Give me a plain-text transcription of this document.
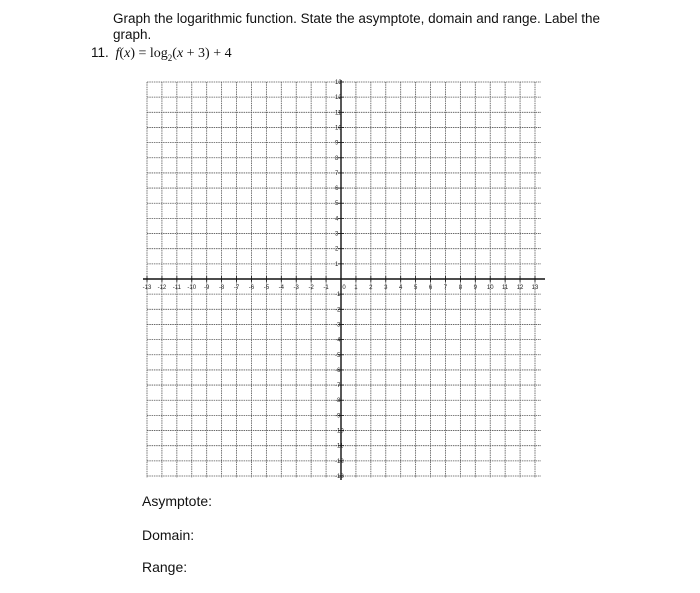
Graph the logarithmic function. State the asymptote, domain and range. Label the graph.
11. $f(x) = \log_2(x + 3) + 4$
-13 -12 -11 -10 -9 -8 -7 -6 -5 -4 -3 -2 -1 0 1 2 3 4 5 6 7 8 9 10 11 12 13
13
12
11
10
9
8
7
6
5
4
3
2
1
-1
-2
-3
-4
-5
-6
-7
-8
-9
-10
-11
-12
-13
Asymptote:
Domain:
Range:
